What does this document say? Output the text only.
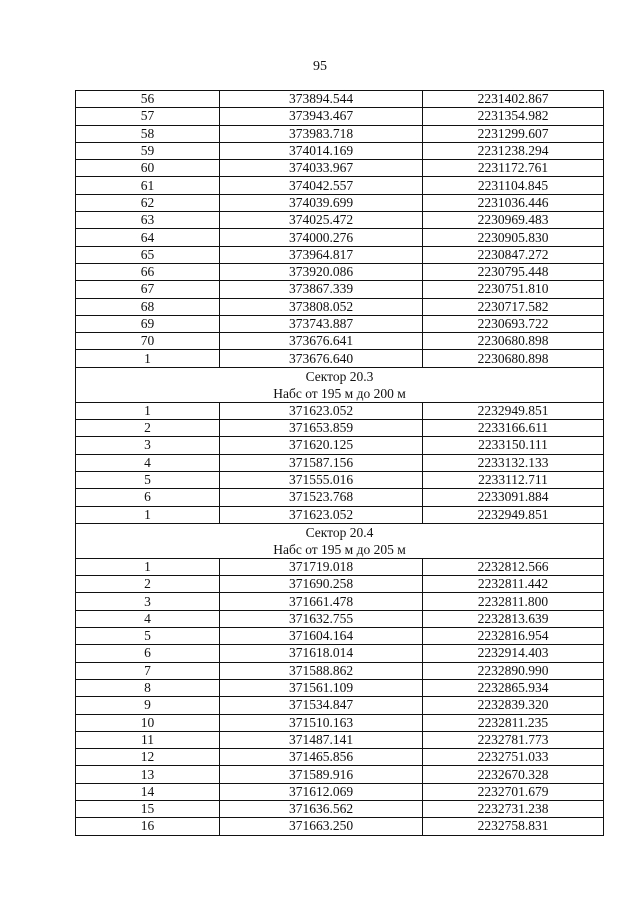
95
56	373894.544	2231402.867
57	373943.467	2231354.982
58	373983.718	2231299.607
59	374014.169	2231238.294
60	374033.967	2231172.761
61	374042.557	2231104.845
62	374039.699	2231036.446
63	374025.472	2230969.483
64	374000.276	2230905.830
65	373964.817	2230847.272
66	373920.086	2230795.448
67	373867.339	2230751.810
68	373808.052	2230717.582
69	373743.887	2230693.722
70	373676.641	2230680.898
1	373676.640	2230680.898

Сектор 20.3
Набс от 195 м до 200 м		

1	371623.052	2232949.851
2	371653.859	2233166.611
3	371620.125	2233150.111
4	371587.156	2233132.133
5	371555.016	2233112.711
6	371523.768	2233091.884
1	371623.052	2232949.851

Сектор 20.4
Набс от 195 м до 205 м		

1	371719.018	2232812.566
2	371690.258	2232811.442
3	371661.478	2232811.800
4	371632.755	2232813.639
5	371604.164	2232816.954
6	371618.014	2232914.403
7	371588.862	2232890.990
8	371561.109	2232865.934
9	371534.847	2232839.320
10	371510.163	2232811.235
11	371487.141	2232781.773
12	371465.856	2232751.033
13	371589.916	2232670.328
14	371612.069	2232701.679
15	371636.562	2232731.238
16	371663.250	2232758.831
